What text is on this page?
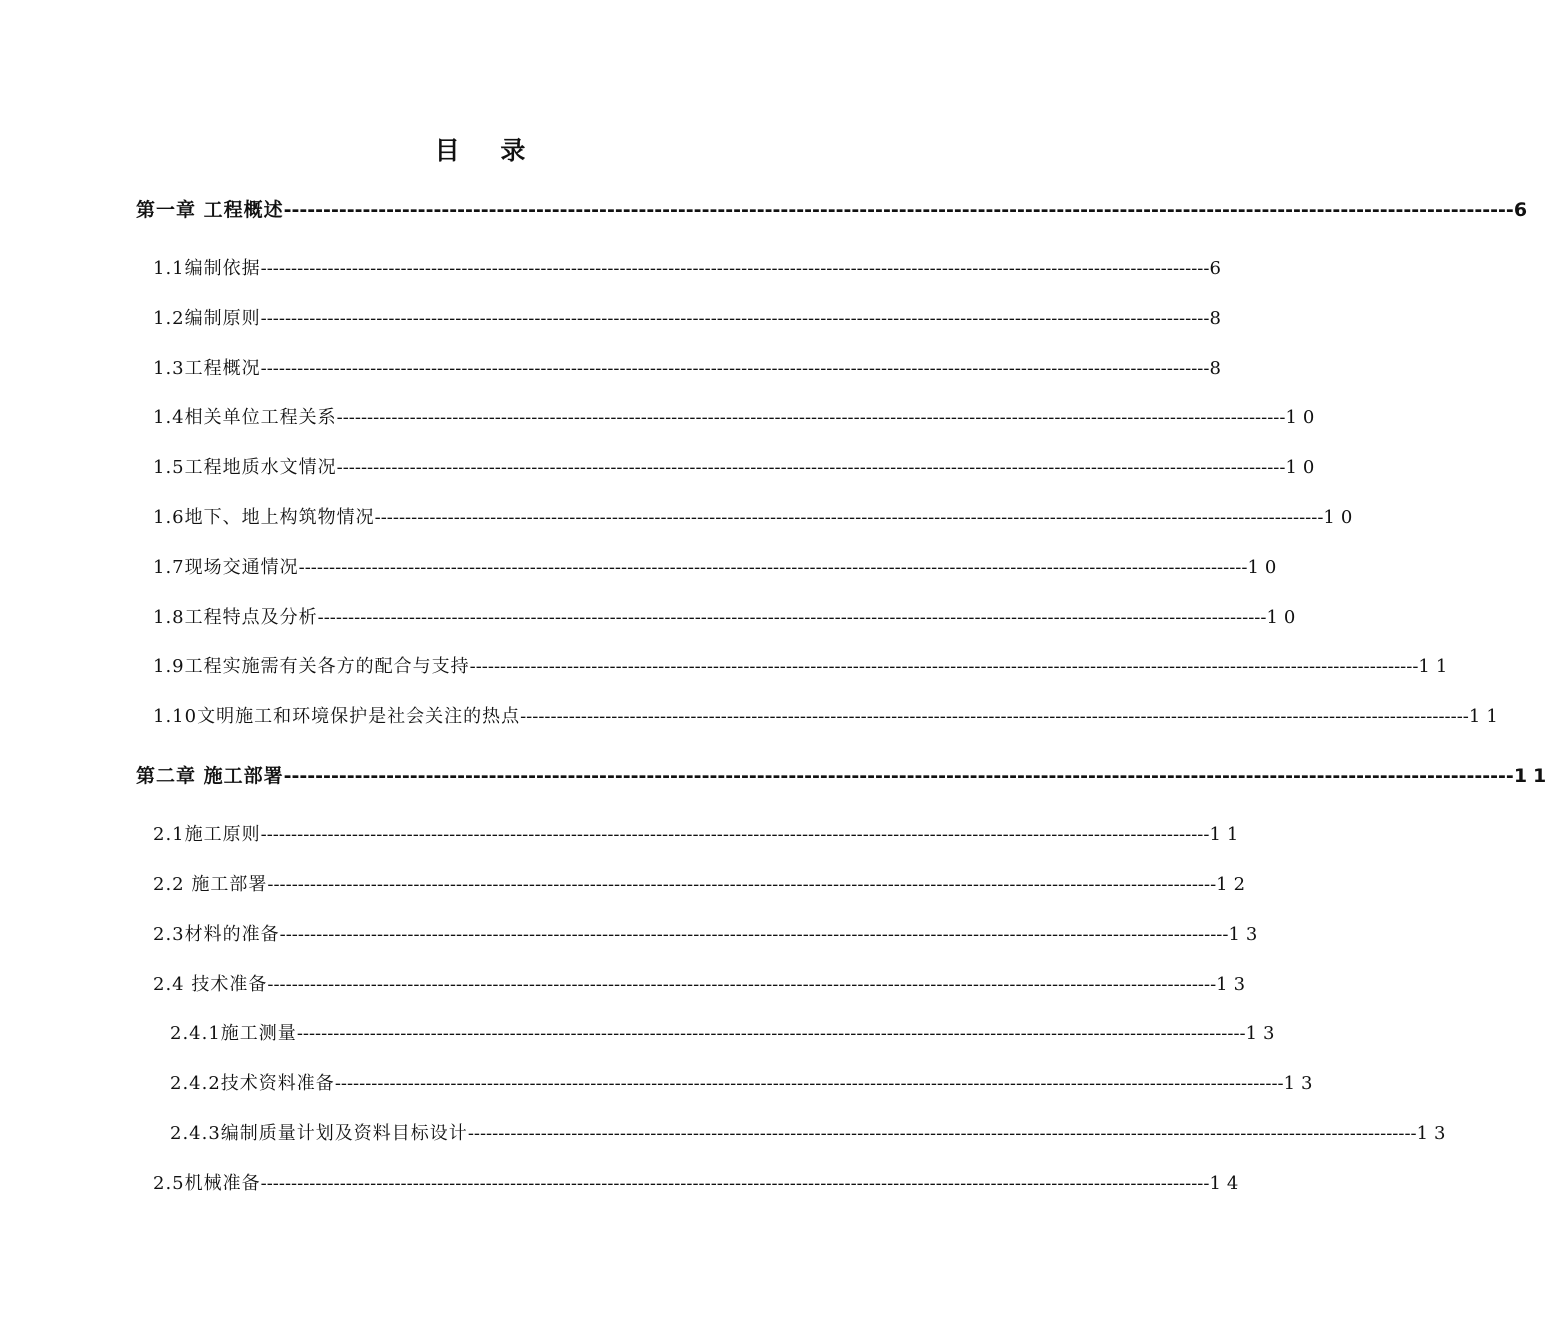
目 录
第一章 工程概述 ------------------------------------------------------------------------------------------------------------------------------------------------------------ 6
1.1编制依据 ------------------------------------------------------------------------------------------------------------------------------------------------------------ 6
1.2编制原则 ------------------------------------------------------------------------------------------------------------------------------------------------------------ 8
1.3工程概况 ------------------------------------------------------------------------------------------------------------------------------------------------------------ 8
1.4相关单位工程关系 ------------------------------------------------------------------------------------------------------------------------------------------------------------ 10
1.5工程地质水文情况 ------------------------------------------------------------------------------------------------------------------------------------------------------------ 10
1.6地下、地上构筑物情况 ------------------------------------------------------------------------------------------------------------------------------------------------------------ 10
1.7现场交通情况 ------------------------------------------------------------------------------------------------------------------------------------------------------------ 10
1.8工程特点及分析 ------------------------------------------------------------------------------------------------------------------------------------------------------------ 10
1.9工程实施需有关各方的配合与支持 ------------------------------------------------------------------------------------------------------------------------------------------------------------ 11
1.10文明施工和环境保护是社会关注的热点 ------------------------------------------------------------------------------------------------------------------------------------------------------------ 11
第二章 施工部署 ------------------------------------------------------------------------------------------------------------------------------------------------------------ 11
2.1施工原则 ------------------------------------------------------------------------------------------------------------------------------------------------------------ 11
2.2 施工部署 ------------------------------------------------------------------------------------------------------------------------------------------------------------ 12
2.3材料的准备 ------------------------------------------------------------------------------------------------------------------------------------------------------------ 13
2.4 技术准备 ------------------------------------------------------------------------------------------------------------------------------------------------------------ 13
2.4.1施工测量 ------------------------------------------------------------------------------------------------------------------------------------------------------------ 13
2.4.2技术资料准备 ------------------------------------------------------------------------------------------------------------------------------------------------------------ 13
2.4.3编制质量计划及资料目标设计 ------------------------------------------------------------------------------------------------------------------------------------------------------------ 13
2.5机械准备 ------------------------------------------------------------------------------------------------------------------------------------------------------------ 14
